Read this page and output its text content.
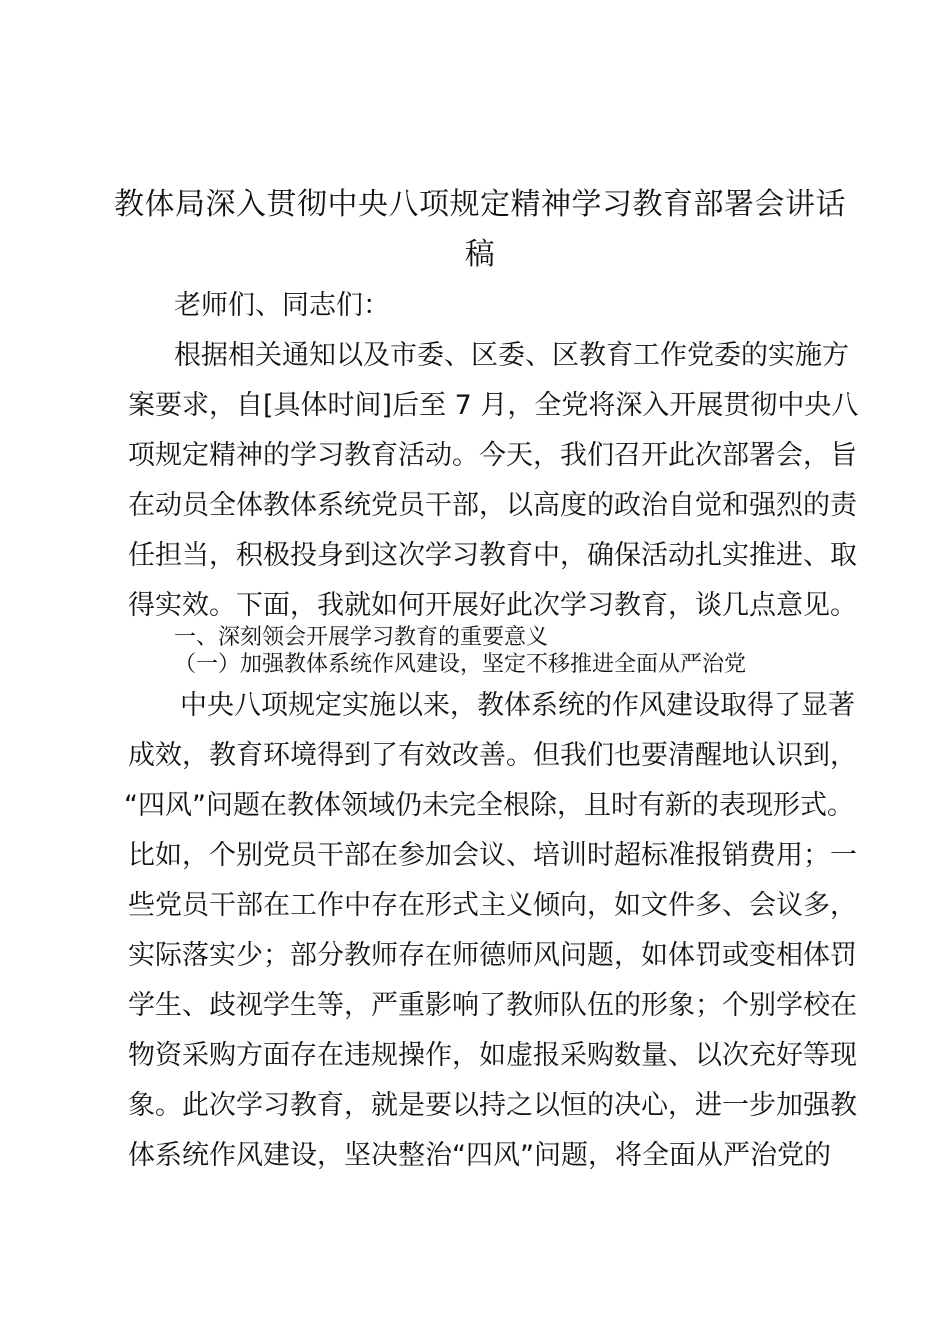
教体局深入贯彻中央八项规定精神学习教育部署会讲话
稿
老师们、同志们：
根据相关通知以及市委、区委、区教育工作党委的实施方
案要求，自[具体时间]后至 7 月，全党将深入开展贯彻中央八
项规定精神的学习教育活动。今天，我们召开此次部署会，旨
在动员全体教体系统党员干部，以高度的政治自觉和强烈的责
任担当，积极投身到这次学习教育中，确保活动扎实推进、取
得实效。下面，我就如何开展好此次学习教育，谈几点意见。
一、深刻领会开展学习教育的重要意义
（一）加强教体系统作风建设，坚定不移推进全面从严治党
中央八项规定实施以来，教体系统的作风建设取得了显著
成效，教育环境得到了有效改善。但我们也要清醒地认识到，
“四风”问题在教体领域仍未完全根除，且时有新的表现形式。
比如，个别党员干部在参加会议、培训时超标准报销费用；一
些党员干部在工作中存在形式主义倾向，如文件多、会议多，
实际落实少；部分教师存在师德师风问题，如体罚或变相体罚
学生、歧视学生等，严重影响了教师队伍的形象；个别学校在
物资采购方面存在违规操作，如虚报采购数量、以次充好等现
象。此次学习教育，就是要以持之以恒的决心，进一步加强教
体系统作风建设，坚决整治“四风”问题，将全面从严治党的
